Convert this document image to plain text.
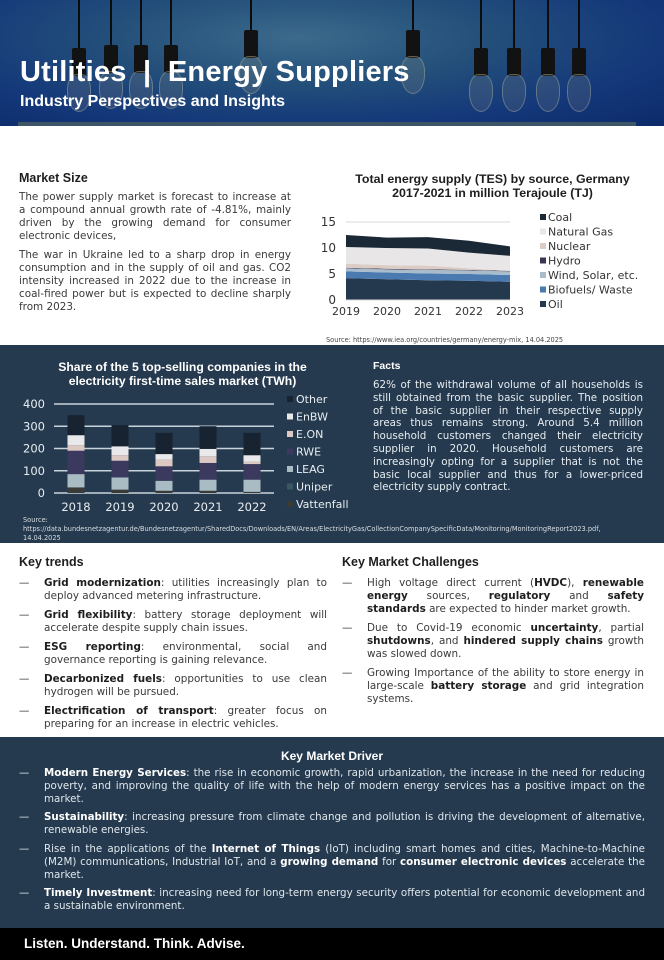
Utilities  |  Energy Suppliers
Industry Perspectives and Insights
Market Size

The power supply market is forecast to increase at a compound annual growth rate of -4.81%, mainly driven by the growing demand for consumer electronic devices,

The war in Ukraine led to a sharp drop in energy consumption and in the supply of oil and gas. CO2 intensity increased in 2022 due to the increase in coal-fired power but is expected to decline sharply from 2023.

Total energy supply (TES) by source, Germany 2017-2021 in million Terajoule (TJ)
0
5
10
15
2019 2020 2021 2022 2023
Coal
Natural Gas
Nuclear
Hydro
Wind, Solar, etc.
Biofuels/ Waste
Oil
Source: https://www.iea.org/countries/germany/energy-mix, 14.04.2025
Share of the 5 top-selling companies in the electricity first-time sales market (TWh)
0
100
200
300
400
2018 2019 2020 2021 2022
Other
EnBW
E.ON
RWE
LEAG
Uniper
Vattenfall
Source: https://data.bundesnetzagentur.de/Bundesnetzagentur/SharedDocs/Downloads/EN/Areas/ElectricityGas/CollectionCompanySpecificData/Monitoring/MonitoringReport2023.pdf, 14.04.2025
Facts

62% of the withdrawal volume of all households is still obtained from the basic supplier. The position of the basic supplier in their respective supply areas thus remains strong. Around 5.4 million household customers changed their electricity supplier in 2020. Household customers are increasingly opting for a supplier that is not the basic local supplier and thus for a lower-priced electricity supply contract.

Key trends
— Grid modernization: utilities increasingly plan to deploy advanced metering infrastructure.
— Grid flexibility: battery storage deployment will accelerate despite supply chain issues.
— ESG reporting: environmental, social and governance reporting is gaining relevance.
— Decarbonized fuels: opportunities to use clean hydrogen will be pursued.
— Electrification of transport: greater focus on preparing for an increase in electric vehicles.
Key Market Challenges
— High voltage direct current (HVDC), renewable energy sources, regulatory and safety standards are expected to hinder market growth.
— Due to Covid-19 economic uncertainty, partial shutdowns, and hindered supply chains growth was slowed down.
— Growing Importance of the ability to store energy in large-scale battery storage and grid integration systems.
Key Market Driver
— Modern Energy Services: the rise in economic growth, rapid urbanization, the increase in the need for reducing poverty, and improving the quality of life with the help of modern energy services has a positive impact on the market.
— Sustainability: increasing pressure from climate change and pollution is driving the development of alternative, renewable energies.
— Rise in the applications of the Internet of Things (IoT) including smart homes and cities, Machine-to-Machine (M2M) communications, Industrial IoT, and a growing demand for consumer electronic devices accelerate the market.
— Timely Investment: increasing need for long-term energy security offers potential for economic development and a sustainable environment.
Listen. Understand. Think. Advise.
